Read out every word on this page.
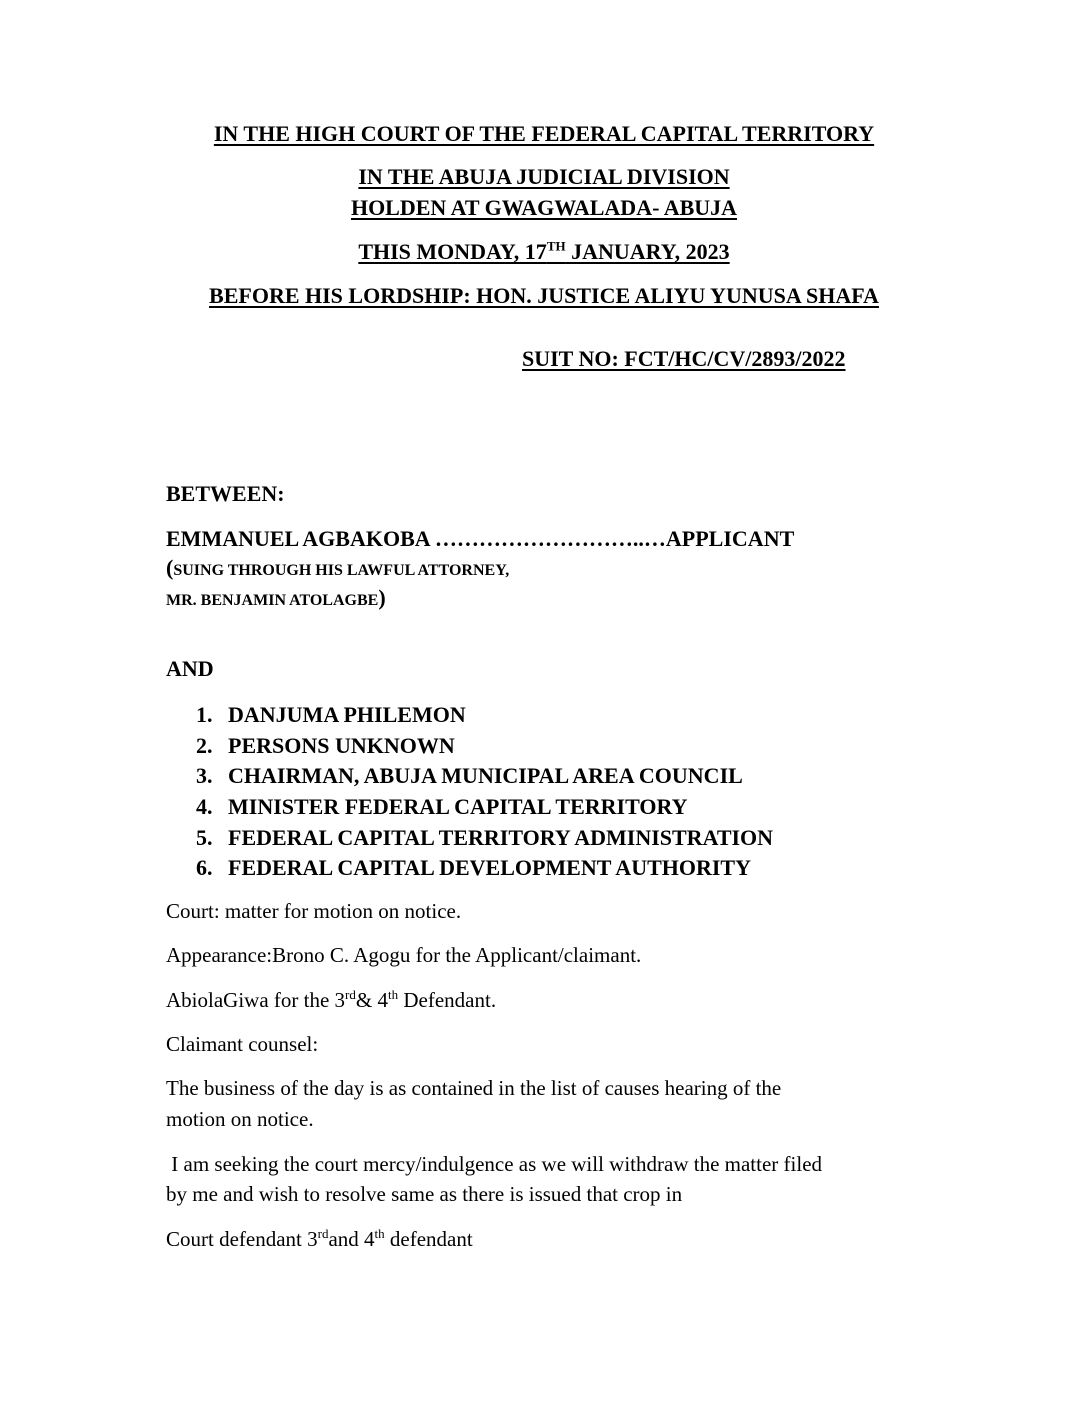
IN THE HIGH COURT OF THE FEDERAL CAPITAL TERRITORY
IN THE ABUJA JUDICIAL DIVISION
HOLDEN AT GWAGWALADA- ABUJA
THIS MONDAY, 17TH JANUARY, 2023
BEFORE HIS LORDSHIP: HON. JUSTICE ALIYU YUNUSA SHAFA
SUIT NO: FCT/HC/CV/2893/2022
BETWEEN:
EMMANUEL AGBAKOBA ………………………..…APPLICANT
(SUING THROUGH HIS LAWFUL ATTORNEY,
MR. BENJAMIN ATOLAGBE)
AND
1. DANJUMA PHILEMON
2. PERSONS UNKNOWN
3. CHAIRMAN, ABUJA MUNICIPAL AREA COUNCIL
4. MINISTER FEDERAL CAPITAL TERRITORY
5. FEDERAL CAPITAL TERRITORY ADMINISTRATION
6. FEDERAL CAPITAL DEVELOPMENT AUTHORITY
Court: matter for motion on notice.
Appearance:Brono C. Agogu for the Applicant/claimant.
AbiolaGiwa for the 3rd& 4th Defendant.
Claimant counsel:
The business of the day is as contained in the list of causes hearing of the
motion on notice.
I am seeking the court mercy/indulgence as we will withdraw the matter filed
by me and wish to resolve same as there is issued that crop in
Court defendant 3rdand 4th defendant
